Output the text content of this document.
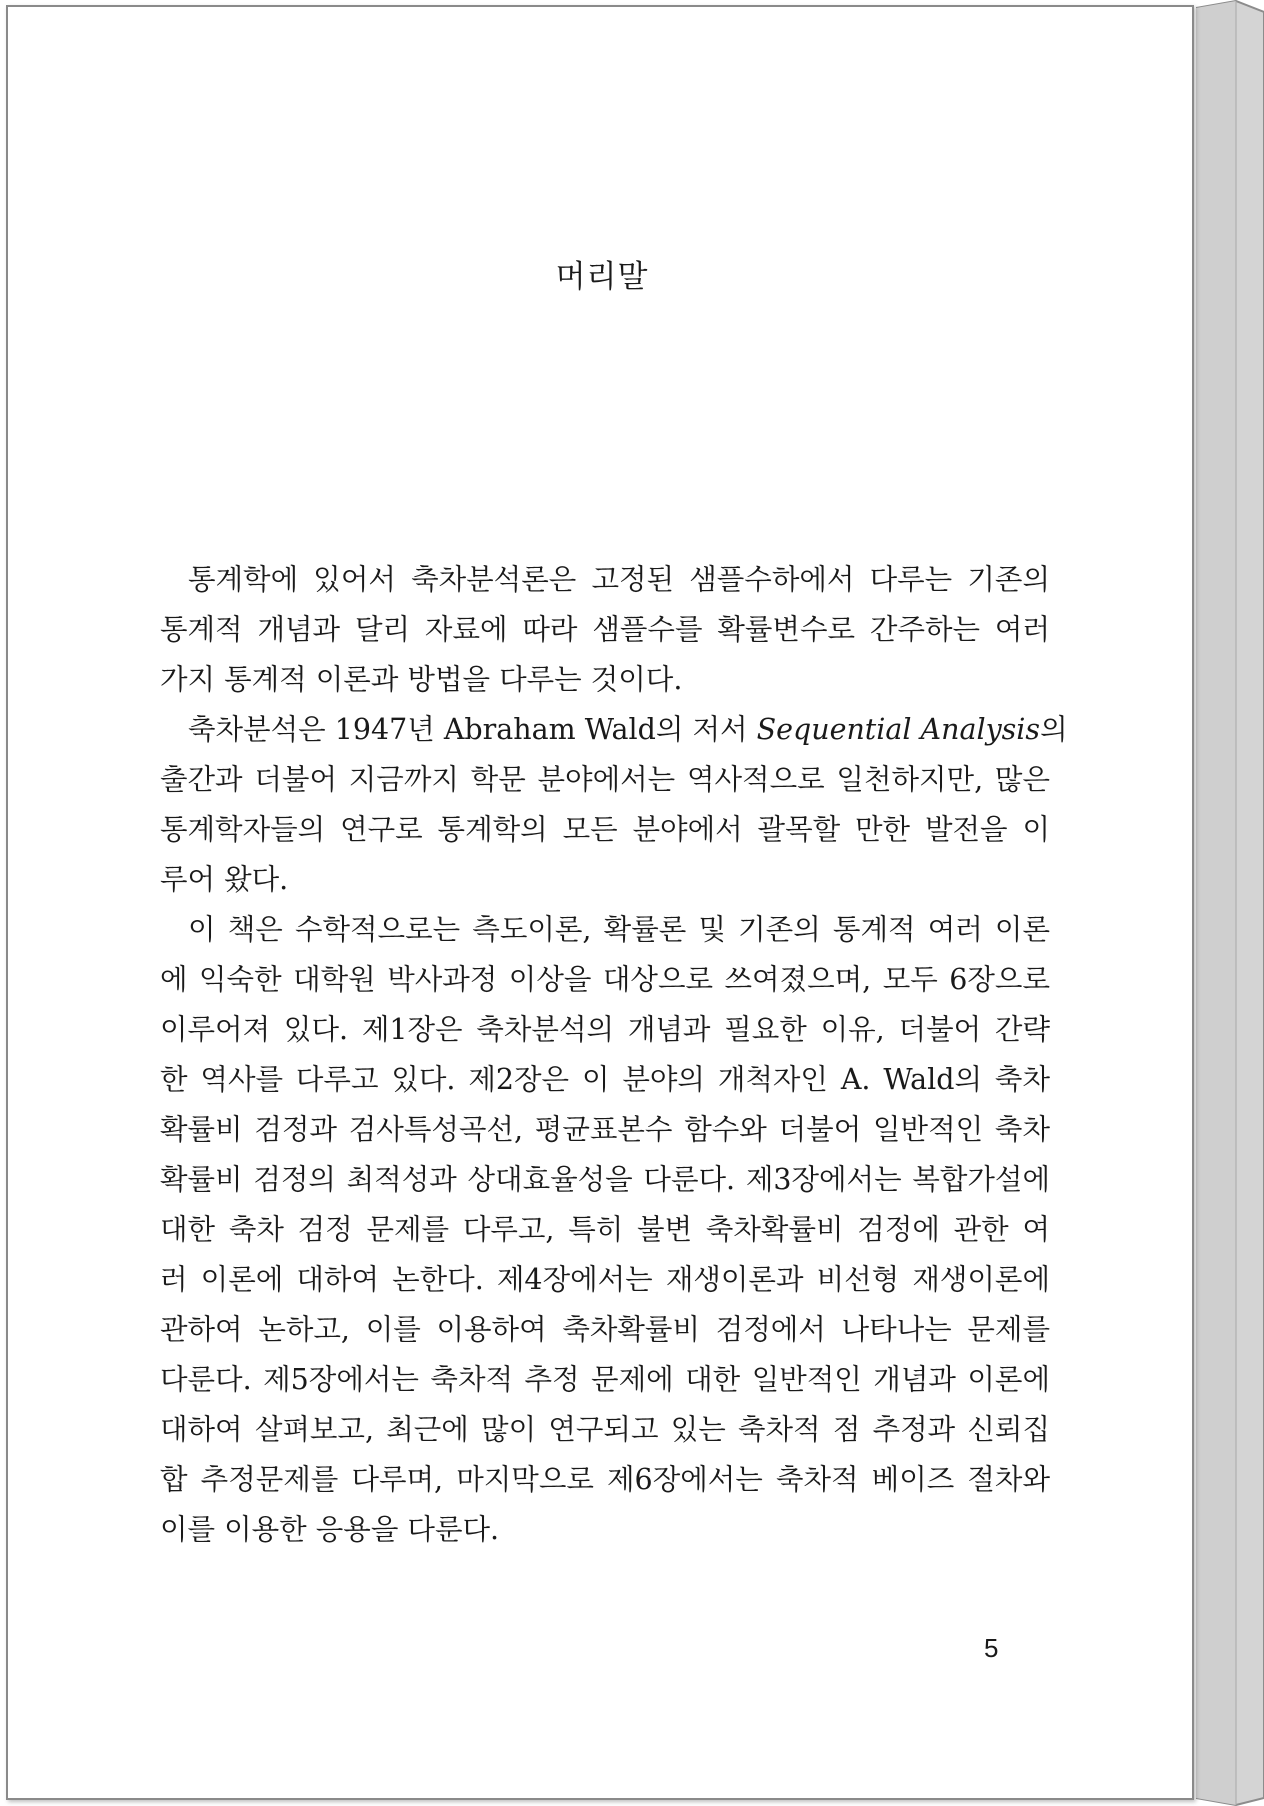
머리말
통계학에 있어서 축차분석론은 고정된 샘플수하에서 다루는 기존의
통계적 개념과 달리 자료에 따라 샘플수를 확률변수로 간주하는 여러
가지 통계적 이론과 방법을 다루는 것이다.
축차분석은 1947년 Abraham Wald의 저서 Sequential Analysis의
출간과 더불어 지금까지 학문 분야에서는 역사적으로 일천하지만, 많은
통계학자들의 연구로 통계학의 모든 분야에서 괄목할 만한 발전을 이
루어 왔다.
이 책은 수학적으로는 측도이론, 확률론 및 기존의 통계적 여러 이론
에 익숙한 대학원 박사과정 이상을 대상으로 쓰여졌으며, 모두 6장으로
이루어져 있다. 제1장은 축차분석의 개념과 필요한 이유, 더불어 간략
한 역사를 다루고 있다. 제2장은 이 분야의 개척자인 A. Wald의 축차
확률비 검정과 검사특성곡선, 평균표본수 함수와 더불어 일반적인 축차
확률비 검정의 최적성과 상대효율성을 다룬다. 제3장에서는 복합가설에
대한 축차 검정 문제를 다루고, 특히 불변 축차확률비 검정에 관한 여
러 이론에 대하여 논한다. 제4장에서는 재생이론과 비선형 재생이론에
관하여 논하고, 이를 이용하여 축차확률비 검정에서 나타나는 문제를
다룬다. 제5장에서는 축차적 추정 문제에 대한 일반적인 개념과 이론에
대하여 살펴보고, 최근에 많이 연구되고 있는 축차적 점 추정과 신뢰집
합 추정문제를 다루며, 마지막으로 제6장에서는 축차적 베이즈 절차와
이를 이용한 응용을 다룬다.
5
